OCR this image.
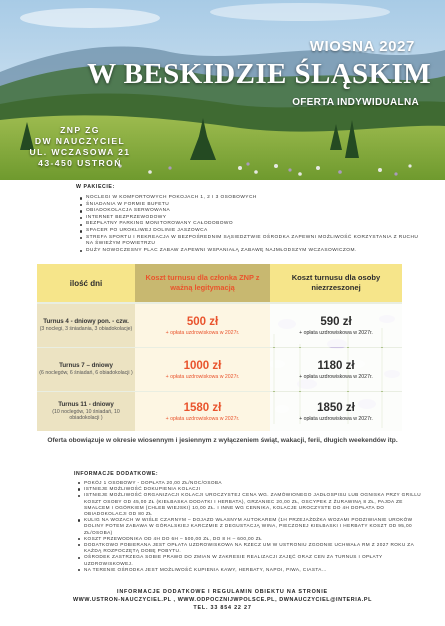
WIOSNA 2027
W BESKIDZIE ŚLĄSKIM
OFERTA INDYWIDUALNA
ZNP ZG
DW NAUCZYCIEL
UL. WCZASOWA 21
43-450 USTROŃ
W PAKIECIE:
NOCLEGI W KOMFORTOWYCH POKOJACH 1, 2 I 3 OSOBOWYCH
ŚNIADANIA W FORMIE BUFETU
OBIADOKOLACJA SERWOWANA
INTERNET BEZPRZEWODOWY
BEZPŁATNY PARKING MONITOROWANY CAŁODOBOWO
SPACER PO UROKLIWEJ DOLINIE JASZOWCA
STREFA SPORTU I REKREACJA W BEZPOŚREDNIM SĄSIEDZTWIE OŚRODKA ZAPEWNI MOŻLIWOŚĆ KORZYSTANIA Z RUCHU NA ŚWIEŻYM POWIETRZU
DUŻY NOWOCZESNY PLAC ZABAW ZAPEWNI WSPANIAŁĄ ZABAWĘ NAJMŁODSZYM WCZASOWICZOM.
ilość dni
Koszt turnusu dla członka ZNP z ważną legitymacją
Koszt turnusu dla osoby niezrzeszonej
Turnus 4 - dniowy pon. - czw.
(3 noclegi, 3 śniadania, 3 obiadokolacje)
500 zł
+ opłata uzdrowiskowa w 2027r.
590 zł
+ opłata uzdrowiskowa w 2027r.
Turnus 7 – dniowy
(6 noclegów, 6 śniadań, 6 obiadokolacji )
1000 zł
+ opłata uzdrowiskowa w 2027r.
1180 zł
+ opłata uzdrowiskowa w 2027r.
Turnus 11 - dniowy
(10 noclegów, 10 śniadań, 10 obiadokolacji )
1580 zł
+ opłata uzdrowiskowa w 2027r.
1850 zł
+ opłata uzdrowiskowa w 2027r.
Oferta obowiązuje w okresie wiosennym i jesiennym z wyłączeniem świąt, wakacji, ferii, długich weekendów itp.
INFORMACJE DODATKOWE:
POKÓJ 1 OSOBOWY - DOPŁATA 20,00 ZŁ/NOC/OSOBA
ISTNIEJE MOŻLIWOŚĆ DOKUPIENIA KOLACJI
ISTNIEJE MOŻLIWOŚĆ ORGANIZACJI KOLACJI UROCZYSTEJ CENA WG. ZAMÓWIONEGO JADŁOSPISU LUB OGNISKA PRZY GRILLU KOSZT OSOBY OD 45,00 ZŁ (KIEŁBASKA DODATKI I HERBATA), GRZANIEC 20,00 ZŁ, OSCYPEK Z ŻURAWINĄ 8 ZŁ, PAJDA ZE SMALCEM I OGÓRKIEM (CHLEB WIEJSKI) 10,00 ZŁ. I INNE WG CENNIKA, KOLACJE UROCZYSTE DO 4H DOPŁATA DO OBIADOKOLACJI OD 80 ZŁ
KULIG NA WOZACH W WIŚLE CZARNYM – DOJAZD WŁASNYM AUTOKAREM (1H PRZEJAŻDŻKA WOZAMI PODZIWIANIE UROKÓW DOLINY POTEM ZABAWA W GÓRALSKIEJ KARCZMIE Z DEGUSTACJĄ WINA, PIECZONEJ KIEŁBASKI I HERBATY KOSZT OD 95,00 ZŁ/OSOBA)
KOSZT PRZEWODNIKA OD 4H DO 6H – 500,00 ZŁ, DO 8 H – 600,00 ZŁ
DODATKOWO POBIERANA JEST OPŁATA UZDROWISKOWA NA RZECZ UM W USTRONIU ZGODNIE UCHWAŁA RM Z 2027 ROKU ZA KAŻDĄ ROZPOCZĘTĄ DOBĘ POBYTU.
OŚRODEK ZASTRZEGA SOBIE PRAWO DO ZMIAN W ZAKRESIE REALIZACJI ZAJĘĆ ORAZ CEN ZA TURNUS I OPŁATY UZDROWISKOWEJ.
NA TERENIE OŚRODKA JEST MOŻLIWOŚĆ KUPIENIA KAWY, HERBATY, NAPOI, PIWA, CIASTA…
INFORMACJE DODATKOWE I REGULAMIN OBIEKTU NA STRONIE
WWW.USTRON-NAUCZYCIEL.PL , WWW.ODPOCZNIJWPOLSCE.PL, DWNAUCZYCIEL@INTERIA.PL
TEL. 33 854 22 27
